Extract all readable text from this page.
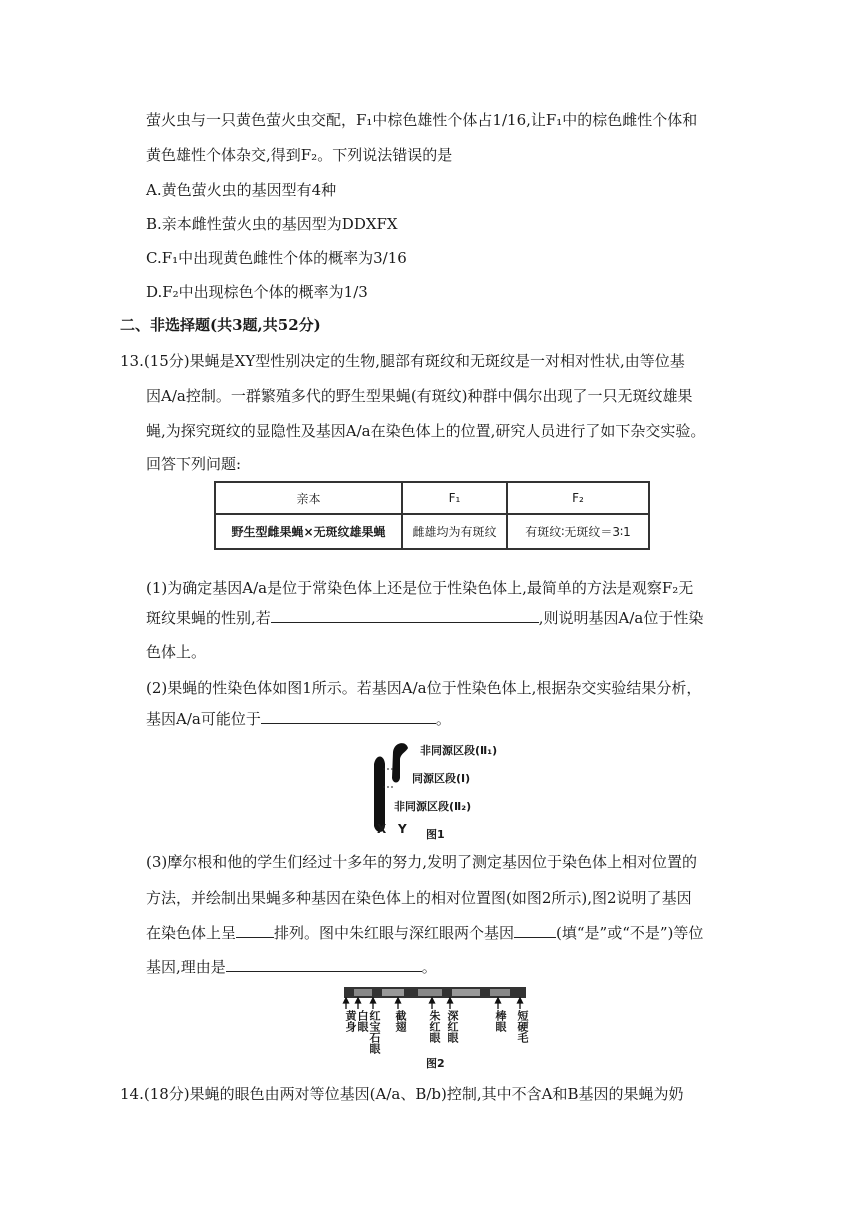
萤火虫与一只黄色萤火虫交配，F₁中棕色雄性个体占1/16,让F₁中的棕色雌性个体和
黄色雄性个体杂交,得到F₂。下列说法错误的是
A.黄色萤火虫的基因型有4种
B.亲本雌性萤火虫的基因型为DDXFX
C.F₁中出现黄色雌性个体的概率为3/16
D.F₂中出现棕色个体的概率为1/3
二、非选择题(共3题,共52分)
13.(15分)果蝇是XY型性别决定的生物,腿部有斑纹和无斑纹是一对相对性状,由等位基
因A/a控制。一群繁殖多代的野生型果蝇(有斑纹)种群中偶尔出现了一只无斑纹雄果
蝇,为探究斑纹的显隐性及基因A/a在染色体上的位置,研究人员进行了如下杂交实验。
回答下列问题:
亲本	F₁	F₂
野生型雌果蝇×无斑纹雄果蝇	雌雄均为有斑纹	有斑纹∶无斑纹＝3∶1
(1)为确定基因A/a是位于常染色体上还是位于性染色体上,最简单的方法是观察F₂无
斑纹果蝇的性别,若	,则说明基因A/a位于性染
色体上。
(2)果蝇的性染色体如图1所示。若基因A/a位于性染色体上,根据杂交实验结果分析，
基因A/a可能位于	。
非同源区段(Ⅱ₁)
同源区段(Ⅰ)
非同源区段(Ⅱ₂)
X Y 图1
(3)摩尔根和他的学生们经过十多年的努力,发明了测定基因位于染色体上相对位置的
方法，并绘制出果蝇多种基因在染色体上的相对位置图(如图2所示),图2说明了基因
在染色体上呈	排列。图中朱红眼与深红眼两个基因	(填“是”或“不是”)等位
基因,理由是	。
黄身白眼 红宝石眼 截翅 朱红眼 深红眼	棒眼 短硬毛
图2
14.(18分)果蝇的眼色由两对等位基因(A/a、B/b)控制,其中不含A和B基因的果蝇为奶
